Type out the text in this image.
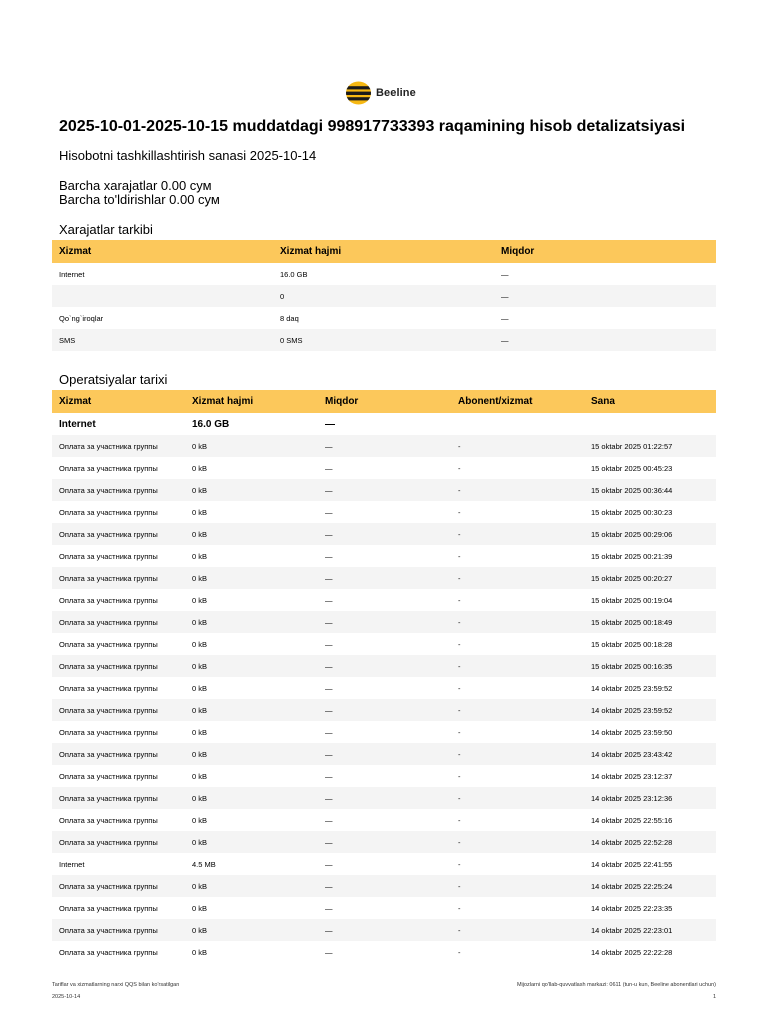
Beeline
2025-10-01-2025-10-15 muddatdagi 998917733393 raqamining hisob detalizatsiyasi
Hisobotni tashkillashtirish sanasi 2025-10-14
Barcha xarajatlar 0.00 сум
Barcha to'ldirishlar 0.00 сум
Xarajatlar tarkibi
Xizmat	Xizmat hajmi	Miqdor
Internet	16.0 GB	—
	0	—
Qo`ng`iroqlar	8 daq	—
SMS	0 SMS	—
Operatsiyalar tarixi
Xizmat	Xizmat hajmi	Miqdor	Abonent/xizmat	Sana
Internet	16.0 GB	—		
Оплата за участника группы	0 kB	—	-	15 oktabr 2025 01:22:57
Оплата за участника группы	0 kB	—	-	15 oktabr 2025 00:45:23
Оплата за участника группы	0 kB	—	-	15 oktabr 2025 00:36:44
Оплата за участника группы	0 kB	—	-	15 oktabr 2025 00:30:23
Оплата за участника группы	0 kB	—	-	15 oktabr 2025 00:29:06
Оплата за участника группы	0 kB	—	-	15 oktabr 2025 00:21:39
Оплата за участника группы	0 kB	—	-	15 oktabr 2025 00:20:27
Оплата за участника группы	0 kB	—	-	15 oktabr 2025 00:19:04
Оплата за участника группы	0 kB	—	-	15 oktabr 2025 00:18:49
Оплата за участника группы	0 kB	—	-	15 oktabr 2025 00:18:28
Оплата за участника группы	0 kB	—	-	15 oktabr 2025 00:16:35
Оплата за участника группы	0 kB	—	-	14 oktabr 2025 23:59:52
Оплата за участника группы	0 kB	—	-	14 oktabr 2025 23:59:52
Оплата за участника группы	0 kB	—	-	14 oktabr 2025 23:59:50
Оплата за участника группы	0 kB	—	-	14 oktabr 2025 23:43:42
Оплата за участника группы	0 kB	—	-	14 oktabr 2025 23:12:37
Оплата за участника группы	0 kB	—	-	14 oktabr 2025 23:12:36
Оплата за участника группы	0 kB	—	-	14 oktabr 2025 22:55:16
Оплата за участника группы	0 kB	—	-	14 oktabr 2025 22:52:28
Internet	4.5 MB	—	-	14 oktabr 2025 22:41:55
Оплата за участника группы	0 kB	—	-	14 oktabr 2025 22:25:24
Оплата за участника группы	0 kB	—	-	14 oktabr 2025 22:23:35
Оплата за участника группы	0 kB	—	-	14 oktabr 2025 22:23:01
Оплата за участника группы	0 kB	—	-	14 oktabr 2025 22:22:28
Tariflar va xizmatlarning narxi QQS bilan ko'rsatilgan	Mijozlarni qo'llab-quvvatlash markazi: 0611 (tun-u kun, Beeline abonentlari uchun)
2025-10-14	1
